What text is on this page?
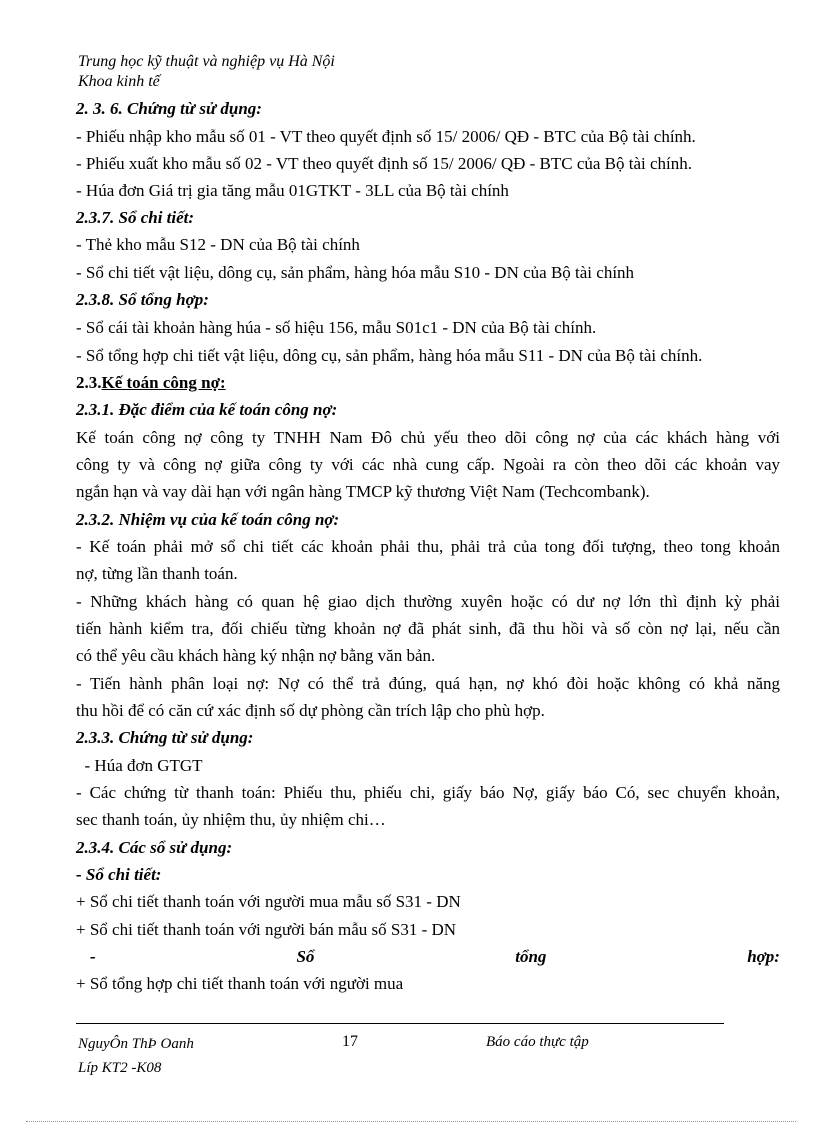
Trung học kỹ thuật và nghiệp vụ Hà Nội
Khoa kinh tế
2. 3. 6. Chứng từ sử dụng:
- Phiếu nhập kho mẫu số 01 - VT theo quyết định số 15/ 2006/ QĐ - BTC của Bộ tài chính.
- Phiếu xuất kho mẫu số 02 - VT theo quyết định số 15/ 2006/ QĐ - BTC của Bộ tài chính.
- Húa đơn Giá trị gia tăng mẫu 01GTKT - 3LL của Bộ tài chính
2.3.7. Sổ chi tiết:
- Thẻ kho mẫu S12 - DN của Bộ tài chính
- Sổ chi tiết vật liệu, dông cụ, sản phẩm, hàng hóa mẫu S10 - DN của Bộ tài chính
2.3.8. Sổ tổng hợp:
- Sổ cái tài khoản hàng húa - số hiệu 156, mẫu S01c1 - DN của Bộ tài chính.
- Sổ tổng hợp chi tiết vật liệu, dông cụ, sản phẩm, hàng hóa mẫu S11 - DN của Bộ tài chính.
2.3.Kế toán công nợ:
2.3.1. Đặc điểm của kế toán công nợ:
Kế toán công nợ công ty TNHH Nam Đô chủ yếu theo dõi công nợ của các khách hàng với
công ty và công nợ giữa công ty với các nhà cung cấp. Ngoài ra còn theo dõi các khoản vay
ngắn hạn và vay dài hạn với ngân hàng TMCP kỹ thương Việt Nam (Techcombank).
2.3.2. Nhiệm vụ của kế toán công nợ:
- Kế toán phải mở sổ chi tiết các khoản phải thu, phải trả của tong đối tượng, theo tong khoản
nợ, từng lần thanh toán.
- Những khách hàng có quan hệ giao dịch thường xuyên hoặc có dư nợ lớn thì định kỳ phải
tiến hành kiểm tra, đối chiếu từng khoản nợ đã phát sinh, đã thu hồi và số còn nợ lại, nếu cần
có thể yêu cầu khách hàng ký nhận nợ bằng văn bản.
- Tiến hành phân loại nợ: Nợ có thể trả đúng, quá hạn, nợ khó đòi hoặc không có khả năng
thu hồi để có căn cứ xác định số dự phòng cần trích lập cho phù hợp.
2.3.3. Chứng từ sử dụng:
- Húa đơn GTGT
- Các chứng từ thanh toán: Phiếu thu, phiếu chi, giấy báo Nợ, giấy báo Có, sec chuyển khoản,
sec thanh toán, ủy nhiệm thu, ủy nhiệm chi…
2.3.4. Các sổ sử dụng:
- Sổ chi tiết:
+ Sổ chi tiết thanh toán với người mua mẫu số S31 - DN
+ Sổ chi tiết thanh toán với người bán mẫu số S31 - DN
-	Sổ	tổng	hợp:
+ Sổ tổng hợp chi tiết thanh toán với người mua
NguyÔn ThÞ Oanh
Líp KT2 -K08
17	Báo cáo thực tập
